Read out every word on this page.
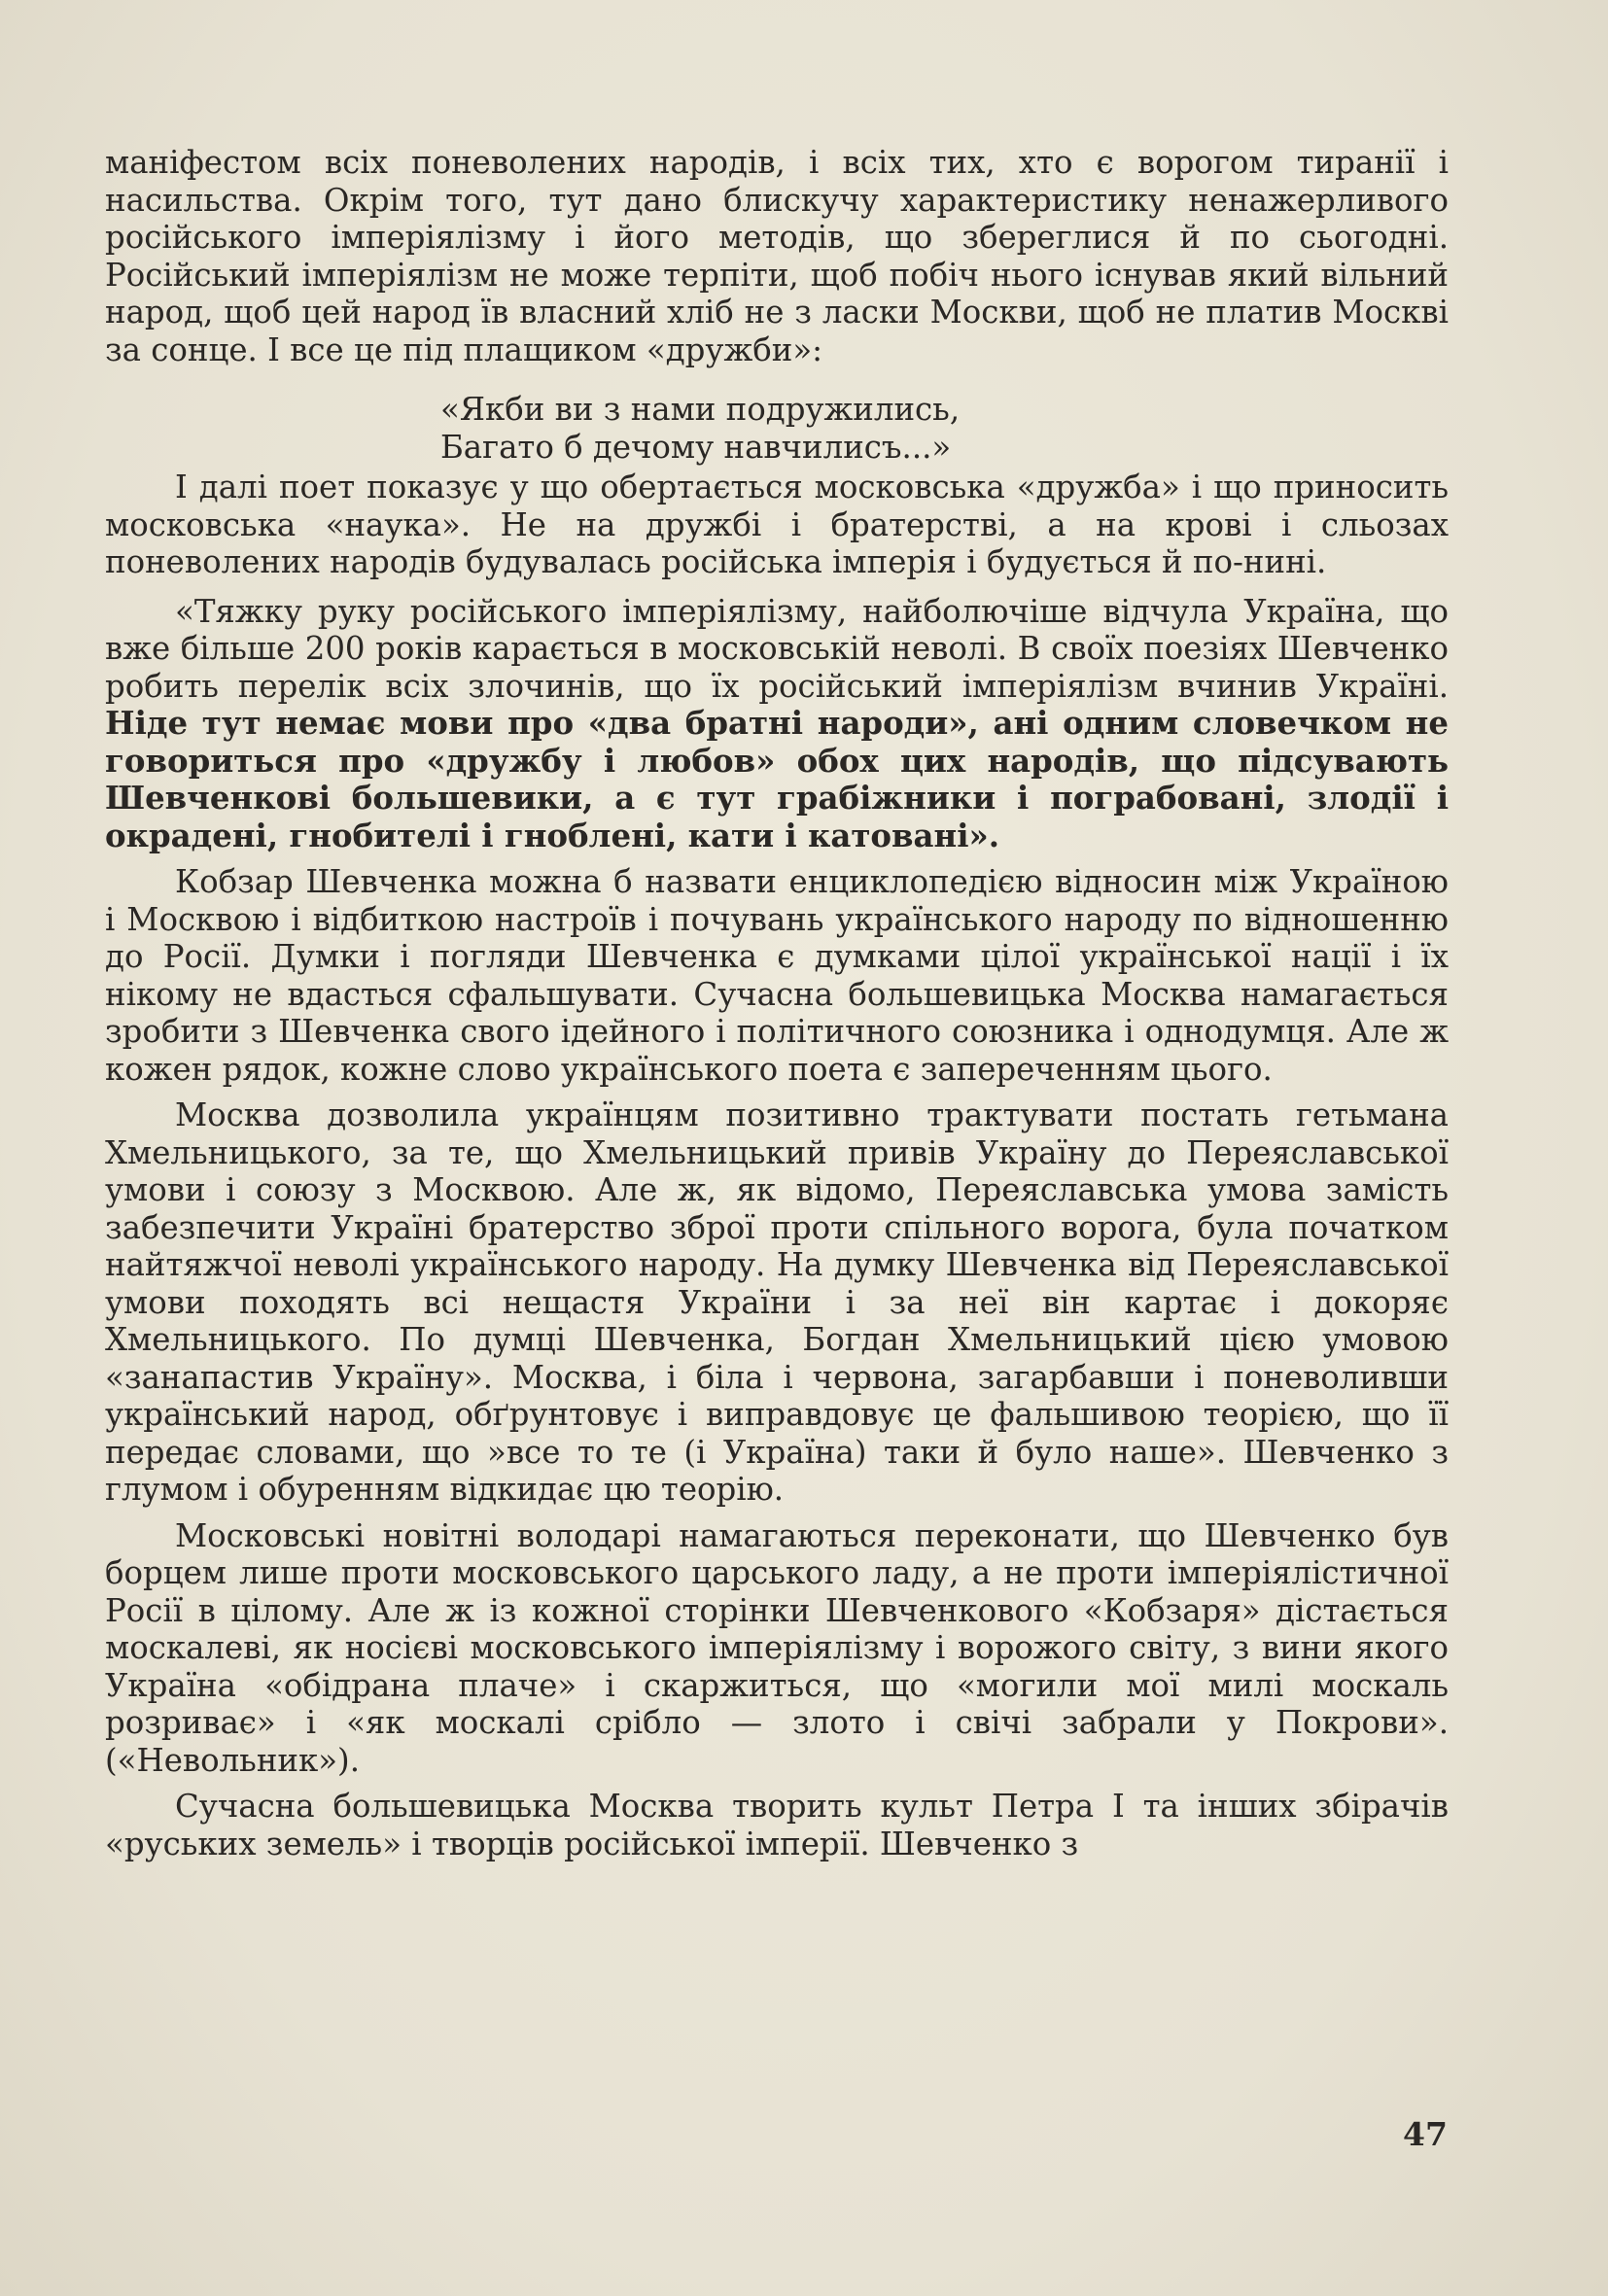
маніфестом всіх поневолених народів, і всіх тих, хто є ворогом тиранії і насильства. Окрім того, тут дано блискучу характеристику ненажерливого російського імперіялізму і його методів, що збереглися й по сьогодні. Російський імперіялізм не може терпіти, щоб побіч нього існував який вільний народ, щоб цей народ їв власний хліб не з ласки Москви, щоб не платив Москві за сонце. І все це під плащиком «дружби»:

«Якби ви з нами подружились,
Багато б дечому навчилисъ...»

І далі поет показує у що обертається московська «дружба» і що приносить московська «наука». Не на дружбі і братерстві, а на крові і сльозах поневолених народів будувалась російська імперія і будується й по-нині.

«Тяжку руку російського імперіялізму, найболючіше відчула Україна, що вже більше 200 років карається в московській неволі. В своїх поезіях Шевченко робить перелік всіх злочинів, що їх російський імперіялізм вчинив Україні. Ніде тут немає мови про «два братні народи», ані одним словечком не говориться про «дружбу і любов» обох цих народів, що підсувають Шевченкові большевики, а є тут грабіжники і пограбовані, злодії і окрадені, гнобителі і гноблені, кати і катовані».

Кобзар Шевченка можна б назвати енциклопедією відносин між Україною і Москвою і відбиткою настроїв і почувань українського народу по відношенню до Росії. Думки і погляди Шевченка є думками цілої української нації і їх нікому не вдасться сфальшувати. Сучасна большевицька Москва намагається зробити з Шевченка свого ідейного і політичного союзника і однодумця. Але ж кожен рядок, кожне слово українського поета є запереченням цього.

Москва дозволила українцям позитивно трактувати постать гетьмана Хмельницького, за те, що Хмельницький привів Україну до Переяславської умови і союзу з Москвою. Але ж, як відомо, Переяславська умова замість забезпечити Україні братерство зброї проти спільного ворога, була початком найтяжчої неволі українського народу. На думку Шевченка від Переяславської умови походять всі нещастя України і за неї він картає і докоряє Хмельницького. По думці Шевченка, Богдан Хмельницький цією умовою «занапастив Україну». Москва, і біла і червона, загарбавши і поневоливши український народ, обґрунтовує і виправдовує це фальшивою теорією, що її передає словами, що »все то те (і Україна) таки й було наше». Шевченко з глумом і обуренням відкидає цю теорію.

Московські новітні володарі намагаються переконати, що Шевченко був борцем лише проти московського царського ладу, а не проти імперіялістичної Росії в цілому. Але ж із кожної сторінки Шевченкового «Кобзаря» дістається москалеві, як носієві московського імперіялізму і ворожого світу, з вини якого Україна «обідрана плаче» і скаржиться, що «могили мої милі москаль розриває» і «як москалі срібло — злото і свічі забрали у Покрови». («Невольник»).

Сучасна большевицька Москва творить культ Петра І та інших збірачів «руських земель» і творців російської імперії. Шевченко з

47
